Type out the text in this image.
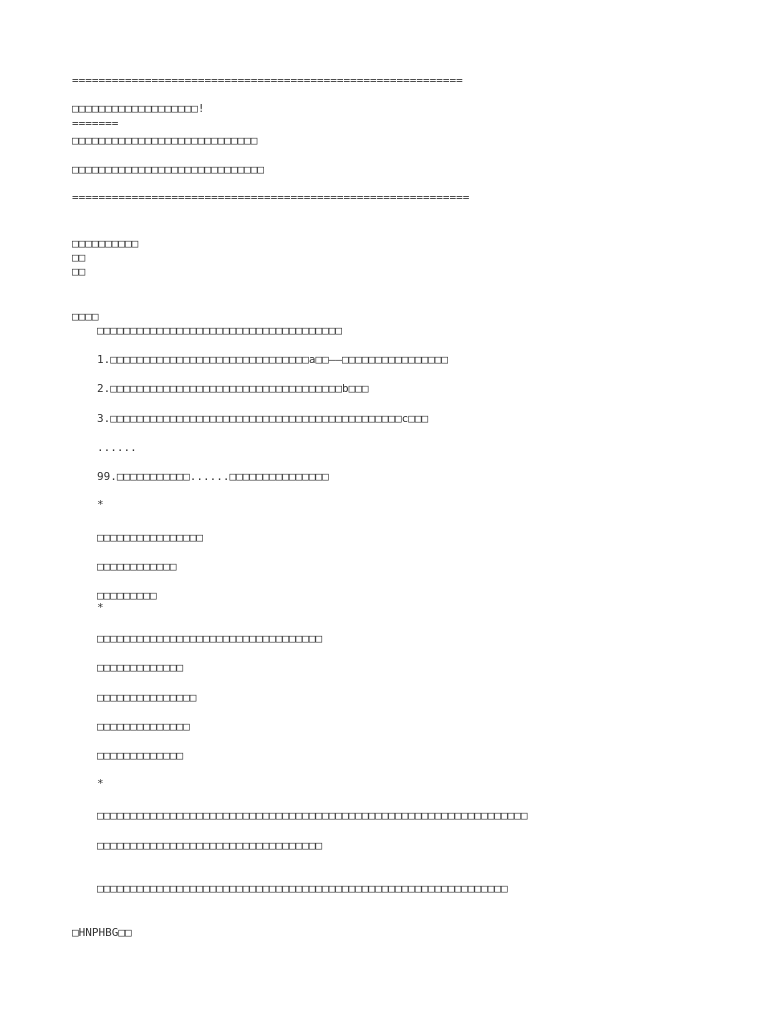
===========================================================
□□□□□□□□□□□□□□□□□□□!
=======
□□□□□□□□□□□□□□□□□□□□□□□□□□□□
□□□□□□□□□□□□□□□□□□□□□□□□□□□□□
============================================================
□□□□□□□□□□
□□
□□
□□□□
□□□□□□□□□□□□□□□□□□□□□□□□□□□□□□□□□□□□□
1.□□□□□□□□□□□□□□□□□□□□□□□□□□□□□□a□□——□□□□□□□□□□□□□□□□
2.□□□□□□□□□□□□□□□□□□□□□□□□□□□□□□□□□□□b□□□
3.□□□□□□□□□□□□□□□□□□□□□□□□□□□□□□□□□□□□□□□□□□□□c□□□
......
99.□□□□□□□□□□□......□□□□□□□□□□□□□□□
*
□□□□□□□□□□□□□□□□
□□□□□□□□□□□□
□□□□□□□□□
*
□□□□□□□□□□□□□□□□□□□□□□□□□□□□□□□□□□
□□□□□□□□□□□□□
□□□□□□□□□□□□□□□
□□□□□□□□□□□□□□
□□□□□□□□□□□□□
*
□□□□□□□□□□□□□□□□□□□□□□□□□□□□□□□□□□□□□□□□□□□□□□□□□□□□□□□□□□□□□□□□□
□□□□□□□□□□□□□□□□□□□□□□□□□□□□□□□□□□
□□□□□□□□□□□□□□□□□□□□□□□□□□□□□□□□□□□□□□□□□□□□□□□□□□□□□□□□□□□□□□
□HNPHBG□□
